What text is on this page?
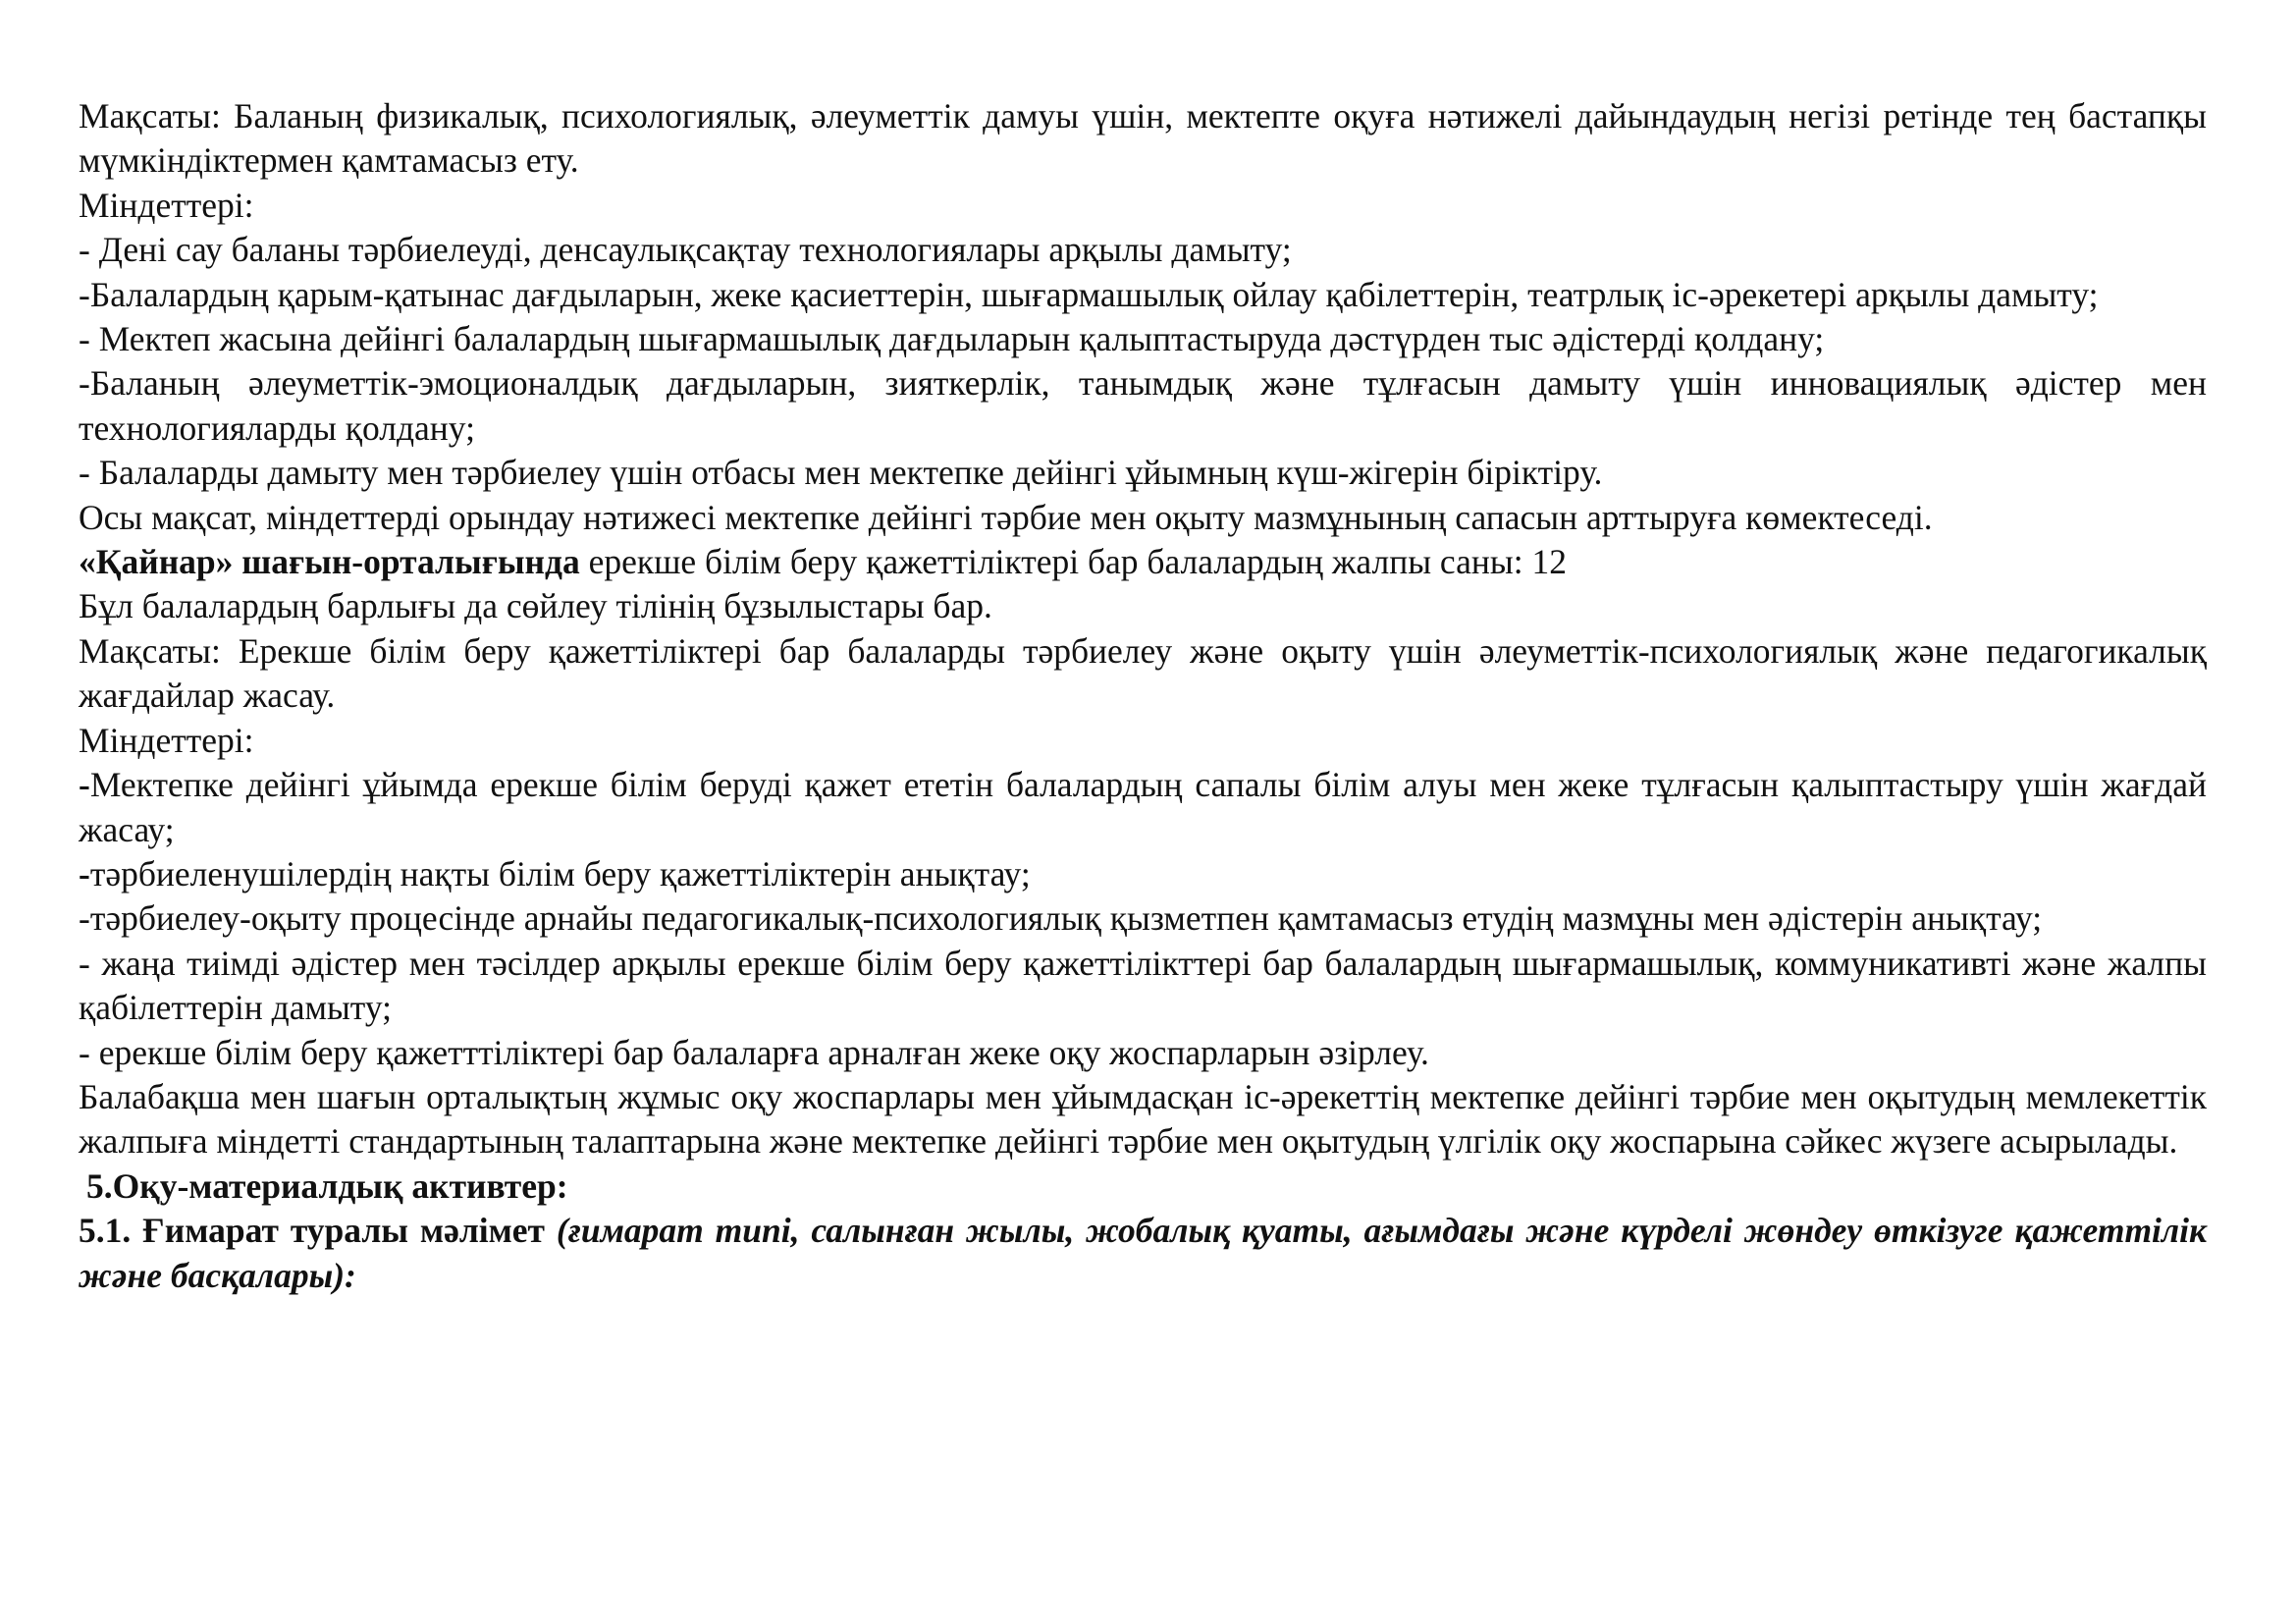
Мақсаты: Баланың физикалық, психологиялық, әлеуметтік дамуы үшін, мектепте оқуға нәтижелі дайындаудың негізі ретінде тең бастапқы мүмкіндіктермен қамтамасыз ету.

Міндеттері:

- Дені сау баланы тәрбиелеуді, денсаулықсақтау технологиялары арқылы дамыту;

-Балалардың қарым-қатынас дағдыларын, жеке қасиеттерін, шығармашылық ойлау қабілеттерін, театрлық іс-әрекетері арқылы дамыту;

- Мектеп жасына дейінгі балалардың шығармашылық дағдыларын қалыптастыруда дәстүрден тыс әдістерді қолдану;

-Баланың әлеуметтік-эмоционалдық дағдыларын, зияткерлік, танымдық және тұлғасын дамыту үшін инновациялық әдістер мен технологияларды қолдану;

- Балаларды дамыту мен тәрбиелеу үшін отбасы мен мектепке дейінгі ұйымның күш-жігерін біріктіру.

Осы мақсат, міндеттерді орындау нәтижесі мектепке дейінгі тәрбие мен оқыту мазмұнының сапасын арттыруға көмектеседі.

«Қайнар» шағын-орталығында ерекше білім беру қажеттіліктері бар балалардың жалпы саны: 12

Бұл балалардың барлығы да сөйлеу тілінің бұзылыстары бар.

Мақсаты: Ерекше білім беру қажеттіліктері бар балаларды тәрбиелеу және оқыту үшін әлеуметтік-психологиялық және педагогикалық жағдайлар жасау.

Міндеттері:

-Мектепке дейінгі ұйымда ерекше білім беруді қажет ететін балалардың сапалы білім алуы мен жеке тұлғасын қалыптастыру үшін жағдай жасау;

-тәрбиеленушілердің нақты білім беру қажеттіліктерін анықтау;

-тәрбиелеу-оқыту процесінде арнайы педагогикалық-психологиялық қызметпен қамтамасыз етудің мазмұны мен әдістерін анықтау;

- жаңа тиімді әдістер мен тәсілдер арқылы ерекше білім беру қажеттілікттері бар балалардың шығармашылық, коммуникативті және жалпы қабілеттерін дамыту;

- ерекше білім беру қажетттіліктері бар балаларға арналған жеке оқу жоспарларын әзірлеу.

Балабақша мен шағын орталықтың жұмыс оқу жоспарлары мен ұйымдасқан іс-әрекеттің мектепке дейінгі тәрбие мен оқытудың мемлекеттік жалпыға міндетті стандартының талаптарына және мектепке дейінгі тәрбие мен оқытудың үлгілік оқу жоспарына сәйкес жүзеге асырылады.

5.Оқу-материалдық активтер:

5.1. Ғимарат туралы мәлімет (ғимарат типі, салынған жылы, жобалық қуаты, ағымдағы және күрделі жөндеу өткізуге қажеттілік және басқалары):
